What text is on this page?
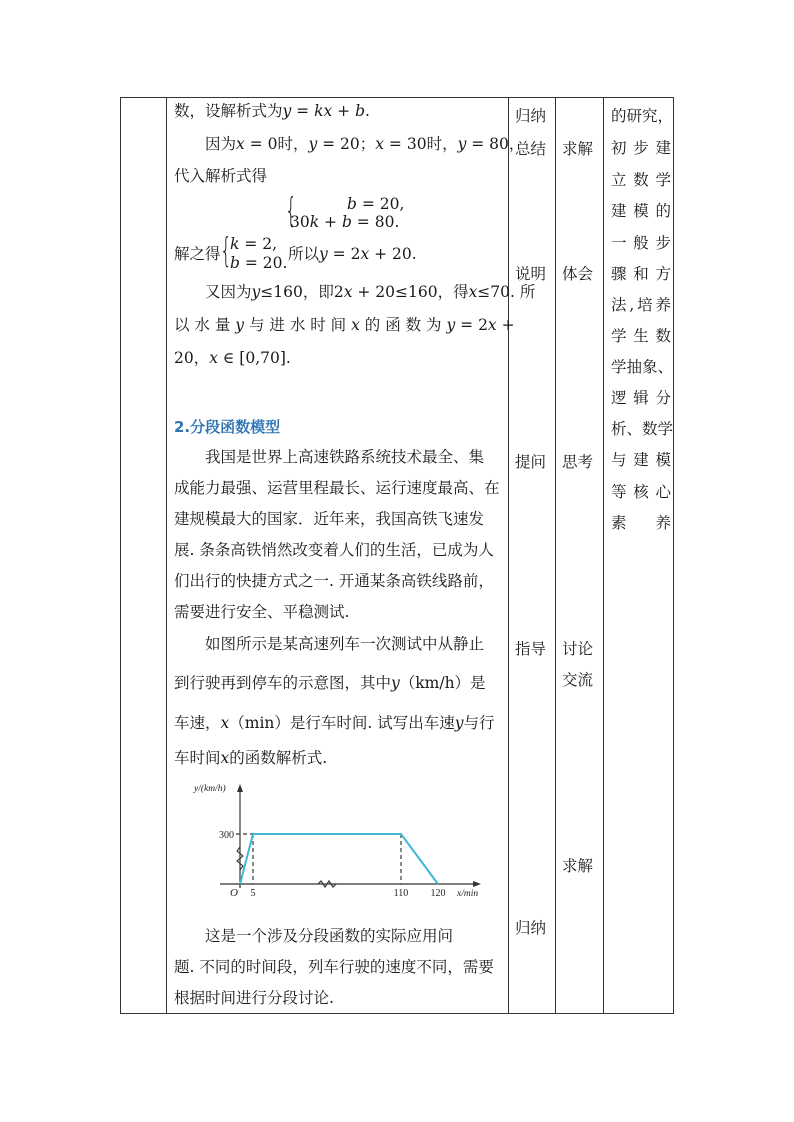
数，设解析式为𝑦 = 𝑘𝑥 + 𝑏.
因为𝑥 = 0时，𝑦 = 20；𝑥 = 30时，𝑦 = 80，
代入解析式得
{	𝑏 = 20,
30𝑘 + 𝑏 = 80.
解之得 {
𝑘 = 2,
𝑏 = 20. 所以𝑦 = 2𝑥 + 20.
又因为𝑦≤160，即2𝑥 + 20≤160，得𝑥≤70. 所
以 水 量 𝑦 与 进 水 时 间 𝑥 的 函 数 为 𝑦 = 2𝑥 +
20，𝑥 ∈ [0,70].
2.分段函数模型
我国是世界上高速铁路系统技术最全、集
成能力最强、运营里程最长、运行速度最高、在
建规模最大的国家．近年来，我国高铁飞速发
展. 条条高铁悄然改变着人们的生活，已成为人
们出行的快捷方式之一. 开通某条高铁线路前，
需要进行安全、平稳测试.
如图所示是某高速列车一次测试中从静止
到行驶再到停车的示意图，其中𝑦（km/h）是
车速，𝑥（min）是行车时间. 试写出车速𝑦与行
车时间𝑥的函数解析式.
300
O 5	110 120 x/min
y/(km/h)
这是一个涉及分段函数的实际应用问
题. 不同的时间段，列车行驶的速度不同，需要
根据时间进行分段讨论.
归纳
总结
说明
提问
指导
归纳
求解
体会
思考
讨论
交流
求解
的研究，
初步建
立数学
建模的
一般步
骤和方
法,培养
学生数
学抽象、
逻辑分
析、数学
与建模
等核心
素养
